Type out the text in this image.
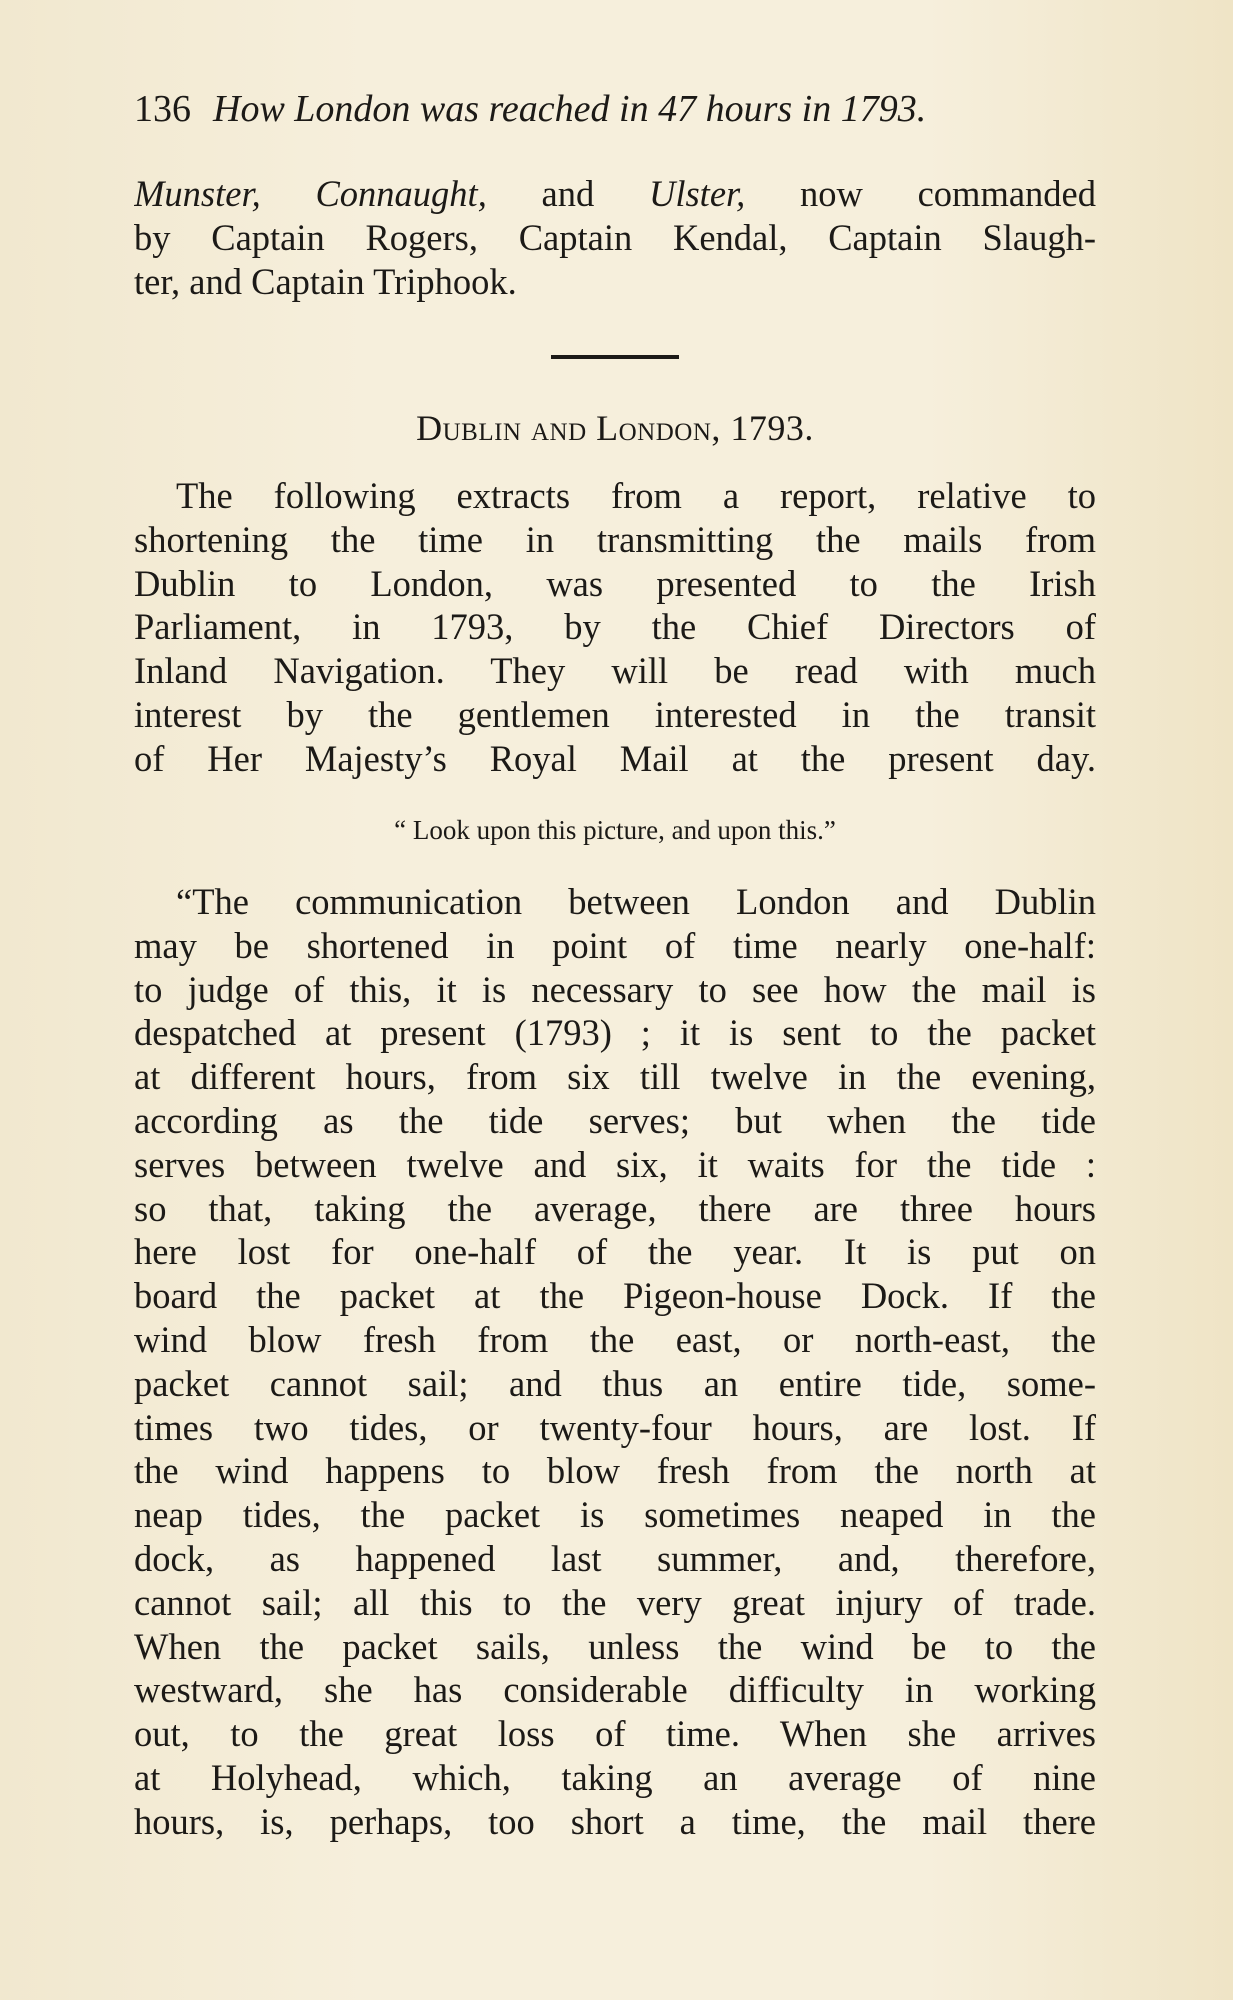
136 How London was reached in 47 hours in 1793.
Munster, Connaught, and Ulster, now commanded
by Captain Rogers, Captain Kendal, Captain Slaugh-
ter, and Captain Triphook.
Dublin and London, 1793.
The following extracts from a report, relative to
shortening the time in transmitting the mails from
Dublin to London, was presented to the Irish
Parliament, in 1793, by the Chief Directors of
Inland Navigation. They will be read with much
interest by the gentlemen interested in the transit
of Her Majesty’s Royal Mail at the present day.
“ Look upon this picture, and upon this.”
“The communication between London and Dublin
may be shortened in point of time nearly one-half:
to judge of this, it is necessary to see how the mail is
despatched at present (1793) ; it is sent to the packet
at different hours, from six till twelve in the evening,
according as the tide serves; but when the tide
serves between twelve and six, it waits for the tide :
so that, taking the average, there are three hours
here lost for one-half of the year. It is put on
board the packet at the Pigeon-house Dock. If the
wind blow fresh from the east, or north-east, the
packet cannot sail; and thus an entire tide, some-
times two tides, or twenty-four hours, are lost. If
the wind happens to blow fresh from the north at
neap tides, the packet is sometimes neaped in the
dock, as happened last summer, and, therefore,
cannot sail; all this to the very great injury of trade.
When the packet sails, unless the wind be to the
westward, she has considerable difficulty in working
out, to the great loss of time. When she arrives
at Holyhead, which, taking an average of nine
hours, is, perhaps, too short a time, the mail there
